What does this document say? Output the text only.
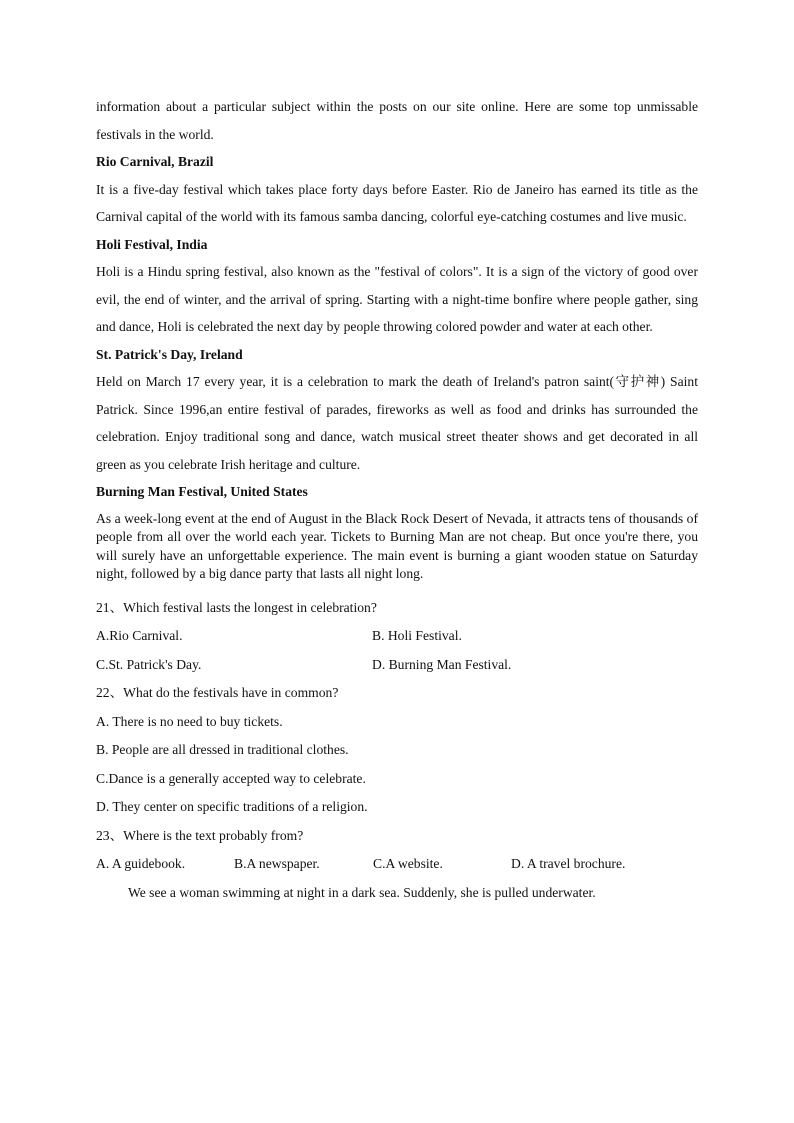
information about a particular subject within the posts on our site online. Here are some top unmissable festivals in the world.

Rio Carnival, Brazil

It is a five-day festival which takes place forty days before Easter. Rio de Janeiro has earned its title as the Carnival capital of the world with its famous samba dancing, colorful eye-catching costumes and live music.

Holi Festival, India

Holi is a Hindu spring festival, also known as the "festival of colors". It is a sign of the victory of good over evil, the end of winter, and the arrival of spring. Starting with a night-time bonfire where people gather, sing and dance, Holi is celebrated the next day by people throwing colored powder and water at each other.

St. Patrick's Day, Ireland

Held on March 17 every year, it is a celebration to mark the death of Ireland's patron saint(守护神) Saint Patrick. Since 1996,an entire festival of parades, fireworks as well as food and drinks has surrounded the celebration. Enjoy traditional song and dance, watch musical street theater shows and get decorated in all green as you celebrate Irish heritage and culture.

Burning Man Festival, United States

As a week-long event at the end of August in the Black Rock Desert of Nevada, it attracts tens of thousands of people from all over the world each year. Tickets to Burning Man are not cheap. But once you're there, you will surely have an unforgettable experience. The main event is burning a giant wooden statue on Saturday night, followed by a big dance party that lasts all night long.

21、Which festival lasts the longest in celebration?

A.Rio Carnival.	B. Holi Festival.
C.St. Patrick's Day.	D. Burning Man Festival.

22、What do the festivals have in common?

A. There is no need to buy tickets.

B. People are all dressed in traditional clothes.

C.Dance is a generally accepted way to celebrate.

D. They center on specific traditions of a religion.

23、Where is the text probably from?

A. A guidebook.	B.A newspaper.	C.A website.	D. A travel brochure.

We see a woman swimming at night in a dark sea. Suddenly, she is pulled underwater.
